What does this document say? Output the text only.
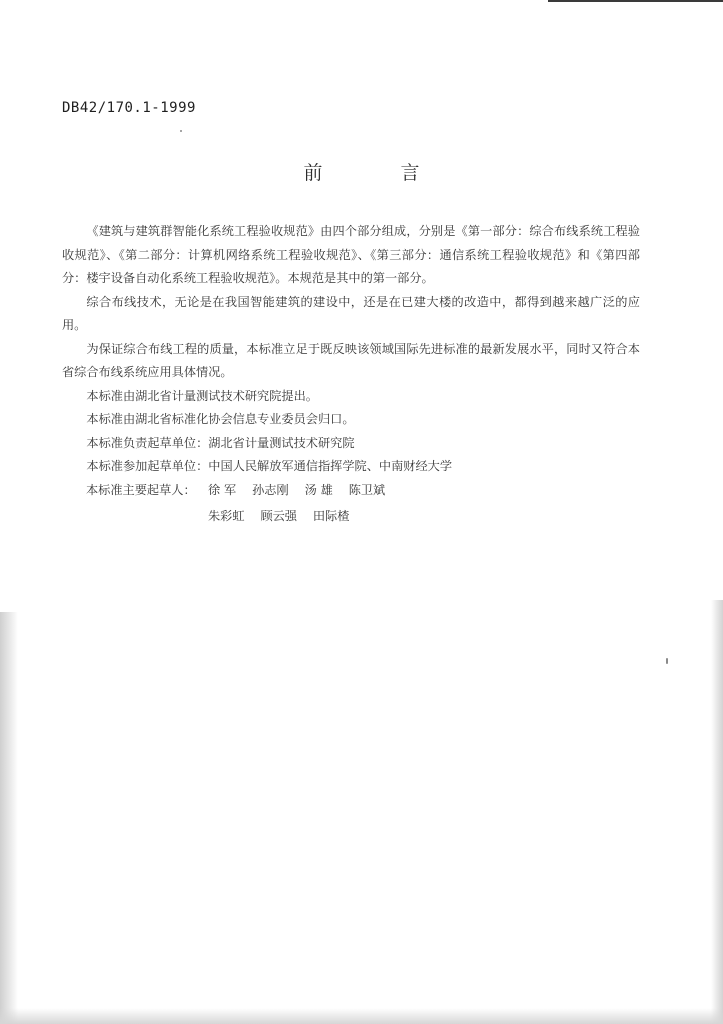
DB42/170.1-1999
前 言

《建筑与建筑群智能化系统工程验收规范》由四个部分组成，分别是《第一部分：综合布线系统工程验收规范》、《第二部分：计算机网络系统工程验收规范》、《第三部分：通信系统工程验收规范》和《第四部分：楼宇设备自动化系统工程验收规范》。本规范是其中的第一部分。

综合布线技术，无论是在我国智能建筑的建设中，还是在已建大楼的改造中，都得到越来越广泛的应用。

为保证综合布线工程的质量，本标准立足于既反映该领域国际先进标准的最新发展水平，同时又符合本省综合布线系统应用具体情况。

本标准由湖北省计量测试技术研究院提出。

本标准由湖北省标准化协会信息专业委员会归口。

本标准负责起草单位：湖北省计量测试技术研究院

本标准参加起草单位：中国人民解放军通信指挥学院、中南财经大学

本标准主要起草人： 徐 军 孙志刚 汤 雄 陈卫斌
朱彩虹 顾云强 田际楂
